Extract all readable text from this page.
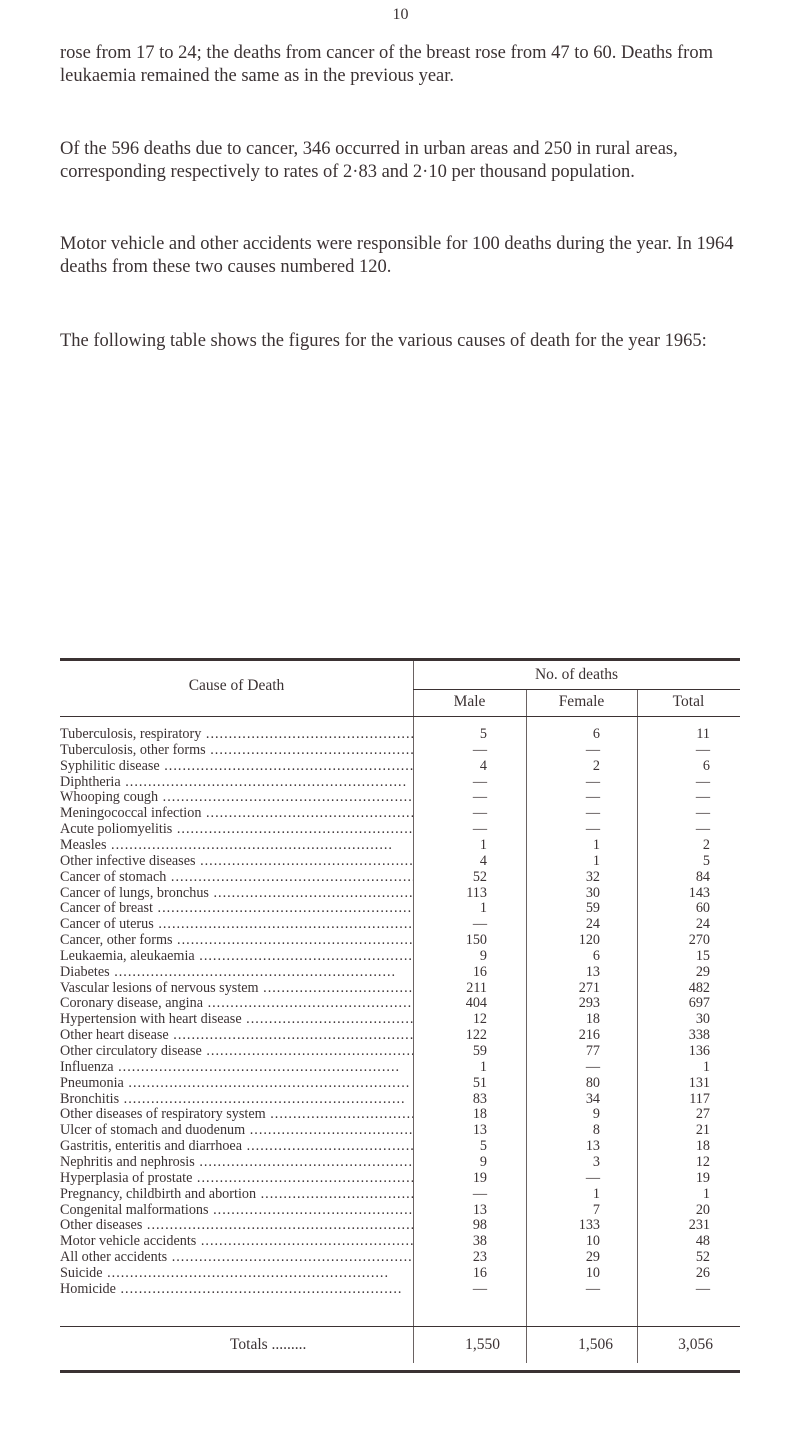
10

rose from 17 to 24; the deaths from cancer of the breast rose from 47 to 60. Deaths from leukaemia remained the same as in the previous year.

Of the 596 deaths due to cancer, 346 occurred in urban areas and 250 in rural areas, corresponding respectively to rates of 2·83 and 2·10 per thousand population.

Motor vehicle and other accidents were responsible for 100 deaths during the year. In 1964 deaths from these two causes numbered 120.

The following table shows the figures for the various causes of death for the year 1965:

Cause of Death
No. of deaths
Male	Female	Total
Tuberculosis, respiratory .....	5	6	11
Tuberculosis, other forms .....	—	—	—
Syphilitic disease .....	4	2	6
Diphtheria .....	—	—	—
Whooping cough .....	—	—	—
Meningococcal infection .....	—	—	—
Acute poliomyelitis .....	—	—	—
Measles .....	1	1	2
Other infective diseases .....	4	1	5
Cancer of stomach .....	52	32	84
Cancer of lungs, bronchus .....	113	30	143
Cancer of breast .....	1	59	60
Cancer of uterus .....	—	24	24
Cancer, other forms .....	150	120	270
Leukaemia, aleukaemia .....	9	6	15
Diabetes .....	16	13	29
Vascular lesions of nervous system .....	211	271	482
Coronary disease, angina .....	404	293	697
Hypertension with heart disease .....	12	18	30
Other heart disease .....	122	216	338
Other circulatory disease .....	59	77	136
Influenza .....	1	—	1
Pneumonia .....	51	80	131
Bronchitis .....	83	34	117
Other diseases of respiratory system .....	18	9	27
Ulcer of stomach and duodenum .....	13	8	21
Gastritis, enteritis and diarrhoea .....	5	13	18
Nephritis and nephrosis .....	9	3	12
Hyperplasia of prostate .....	19	—	19
Pregnancy, childbirth and abortion .....	—	1	1
Congenital malformations .....	13	7	20
Other diseases .....	98	133	231
Motor vehicle accidents .....	38	10	48
All other accidents .....	23	29	52
Suicide .....	16	10	26
Homicide .....	—	—	—
Totals .........	1,550	1,506	3,056
